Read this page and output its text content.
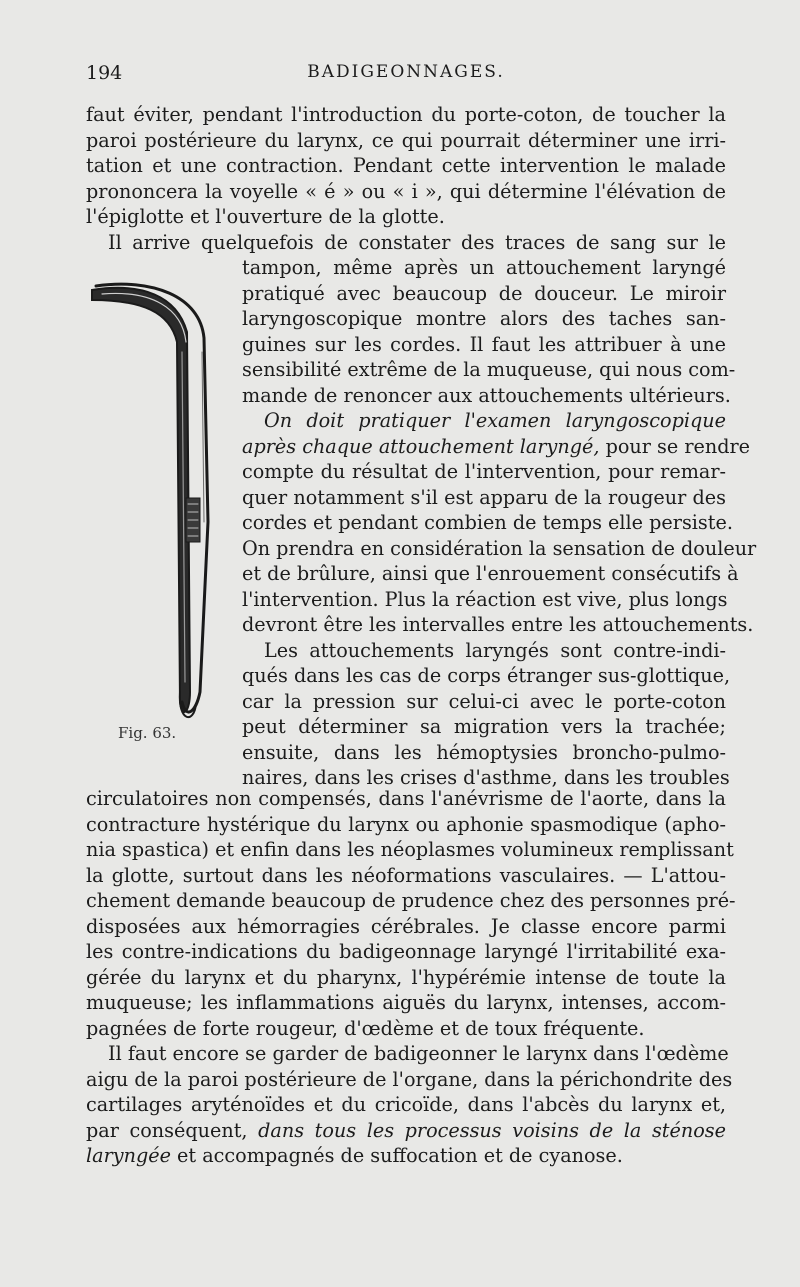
194	BADIGEONNAGES.
faut éviter, pendant l'introduction du porte-coton, de toucher la
paroi postérieure du larynx, ce qui pourrait déterminer une irri-
tation et une contraction. Pendant cette intervention le malade
prononcera la voyelle « é » ou « i », qui détermine l'élévation de
l'épiglotte et l'ouverture de la glotte.
Il arrive quelquefois de constater des traces de sang sur le
Fig. 63.
tampon, même après un attouchement laryngé
pratiqué avec beaucoup de douceur. Le miroir
laryngoscopique montre alors des taches san-
guines sur les cordes. Il faut les attribuer à une
sensibilité extrême de la muqueuse, qui nous com-
mande de renoncer aux attouchements ultérieurs.
On doit pratiquer l'examen laryngoscopique
après chaque attouchement laryngé, pour se rendre
compte du résultat de l'intervention, pour remar-
quer notamment s'il est apparu de la rougeur des
cordes et pendant combien de temps elle persiste.
On prendra en considération la sensation de douleur
et de brûlure, ainsi que l'enrouement consécutifs à
l'intervention. Plus la réaction est vive, plus longs
devront être les intervalles entre les attouchements.
Les attouchements laryngés sont contre-indi-
qués dans les cas de corps étranger sus-glottique,
car la pression sur celui-ci avec le porte-coton
peut déterminer sa migration vers la trachée;
ensuite, dans les hémoptysies broncho-pulmo-
naires, dans les crises d'asthme, dans les troubles
circulatoires non compensés, dans l'anévrisme de l'aorte, dans la
contracture hystérique du larynx ou aphonie spasmodique (apho-
nia spastica) et enfin dans les néoplasmes volumineux remplissant
la glotte, surtout dans les néoformations vasculaires. — L'attou-
chement demande beaucoup de prudence chez des personnes pré-
disposées aux hémorragies cérébrales. Je classe encore parmi
les contre-indications du badigeonnage laryngé l'irritabilité exa-
gérée du larynx et du pharynx, l'hypérémie intense de toute la
muqueuse; les inflammations aiguës du larynx, intenses, accom-
pagnées de forte rougeur, d'œdème et de toux fréquente.
Il faut encore se garder de badigeonner le larynx dans l'œdème
aigu de la paroi postérieure de l'organe, dans la périchondrite des
cartilages aryténoïdes et du cricoïde, dans l'abcès du larynx et,
par conséquent, dans tous les processus voisins de la sténose
laryngée et accompagnés de suffocation et de cyanose.
